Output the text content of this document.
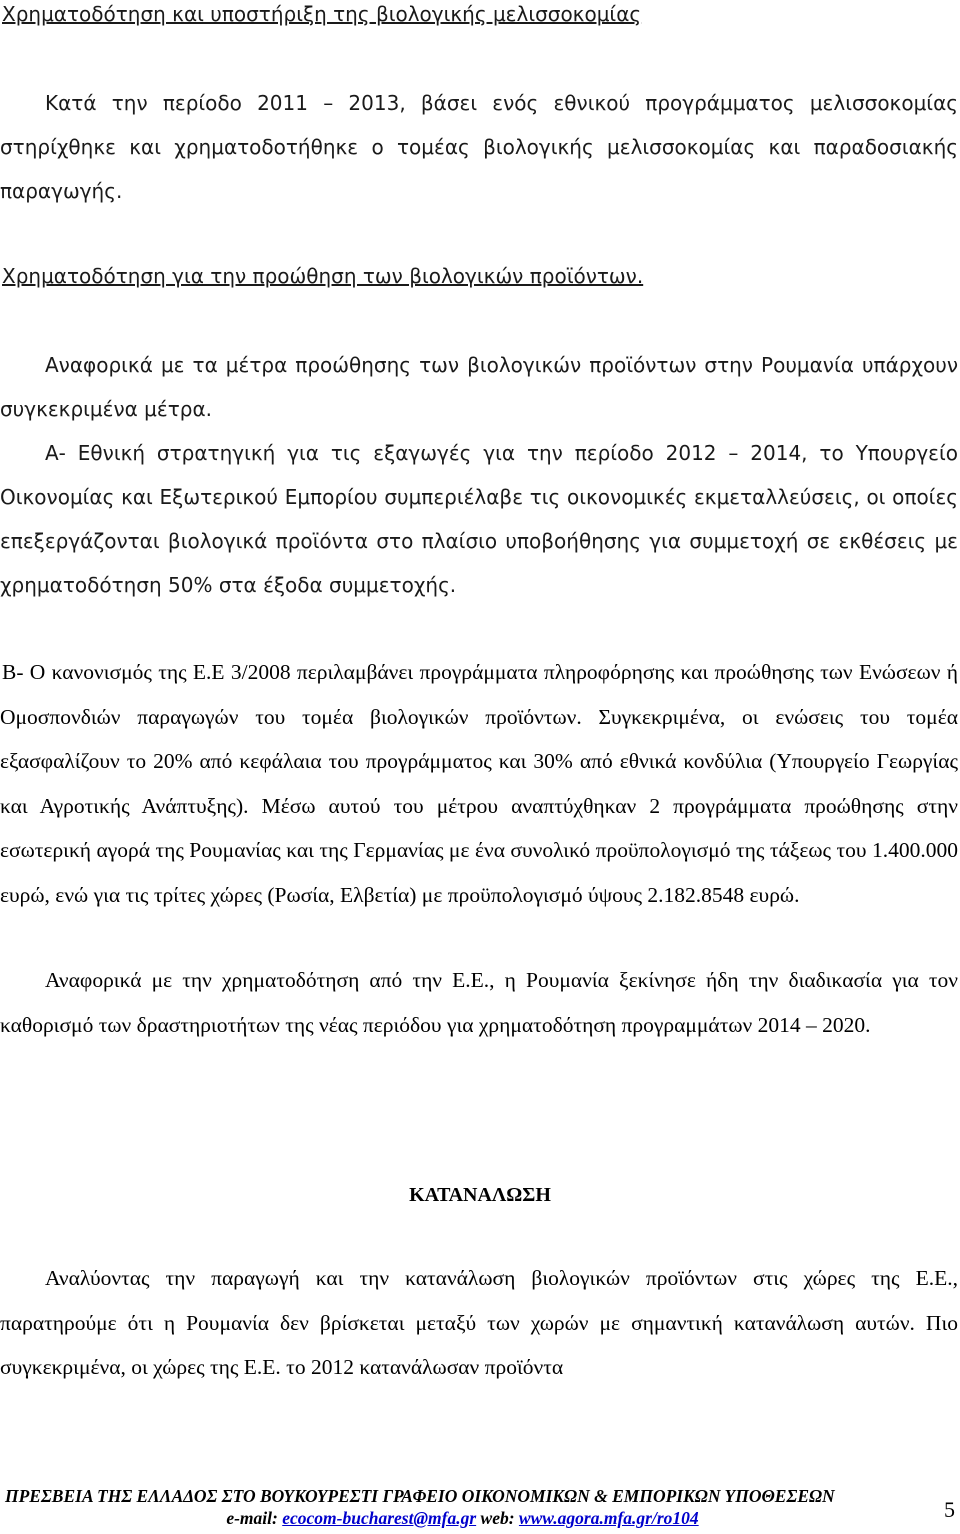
Χρηματοδότηση και υποστήριξη της βιολογικής μελισσοκομίας

Κατά την περίοδο 2011 – 2013, βάσει ενός εθνικού προγράμματος μελισσοκομίας στηρίχθηκε και χρηματοδοτήθηκε ο τομέας βιολογικής μελισσοκομίας και παραδοσιακής παραγωγής.

Χρηματοδότηση για την προώθηση των βιολογικών προϊόντων.

Αναφορικά με τα μέτρα προώθησης των βιολογικών προϊόντων στην Ρουμανία υπάρχουν συγκεκριμένα μέτρα.

Α- Εθνική στρατηγική για τις εξαγωγές για την περίοδο 2012 – 2014, το Υπουργείο Οικονομίας και Εξωτερικού Εμπορίου συμπεριέλαβε τις οικονομικές εκμεταλλεύσεις, οι οποίες επεξεργάζονται βιολογικά προϊόντα στο πλαίσιο υποβοήθησης για συμμετοχή σε εκθέσεις με χρηματοδότηση 50% στα έξοδα συμμετοχής.

Β- Ο κανονισμός της Ε.Ε 3/2008 περιλαμβάνει προγράμματα πληροφόρησης και προώθησης των Ενώσεων ή Ομοσπονδιών παραγωγών του τομέα βιολογικών προϊόντων. Συγκεκριμένα, οι ενώσεις του τομέα εξασφαλίζουν το 20% από κεφάλαια του προγράμματος και 30% από εθνικά κονδύλια (Υπουργείο Γεωργίας και Αγροτικής Ανάπτυξης). Μέσω αυτού του μέτρου αναπτύχθηκαν 2 προγράμματα προώθησης στην εσωτερική αγορά της Ρουμανίας και της Γερμανίας με ένα συνολικό προϋπολογισμό της τάξεως του 1.400.000 ευρώ, ενώ για τις τρίτες χώρες (Ρωσία, Ελβετία) με προϋπολογισμό ύψους 2.182.8548 ευρώ.

Αναφορικά με την χρηματοδότηση από την Ε.Ε., η Ρουμανία ξεκίνησε ήδη την διαδικασία για τον καθορισμό των δραστηριοτήτων της νέας περιόδου για χρηματοδότηση προγραμμάτων 2014 – 2020.

ΚΑΤΑΝΑΛΩΣΗ

Αναλύοντας την παραγωγή και την κατανάλωση βιολογικών προϊόντων στις χώρες της Ε.Ε., παρατηρούμε ότι η Ρουμανία δεν βρίσκεται μεταξύ των χωρών με σημαντική κατανάλωση αυτών. Πιο συγκεκριμένα, οι χώρες της Ε.Ε. το 2012 κατανάλωσαν προϊόντα

ΠΡΕΣΒΕΙΑ ΤΗΣ ΕΛΛΑΔΟΣ ΣΤΟ ΒΟΥΚΟΥΡΕΣΤΙ ΓΡΑΦΕΙΟ ΟΙΚΟΝΟΜΙΚΩΝ & ΕΜΠΟΡΙΚΩΝ ΥΠΟΘΕΣΕΩΝ
e-mail: ecocom-bucharest@mfa.gr web: www.agora.mfa.gr/ro104	5
